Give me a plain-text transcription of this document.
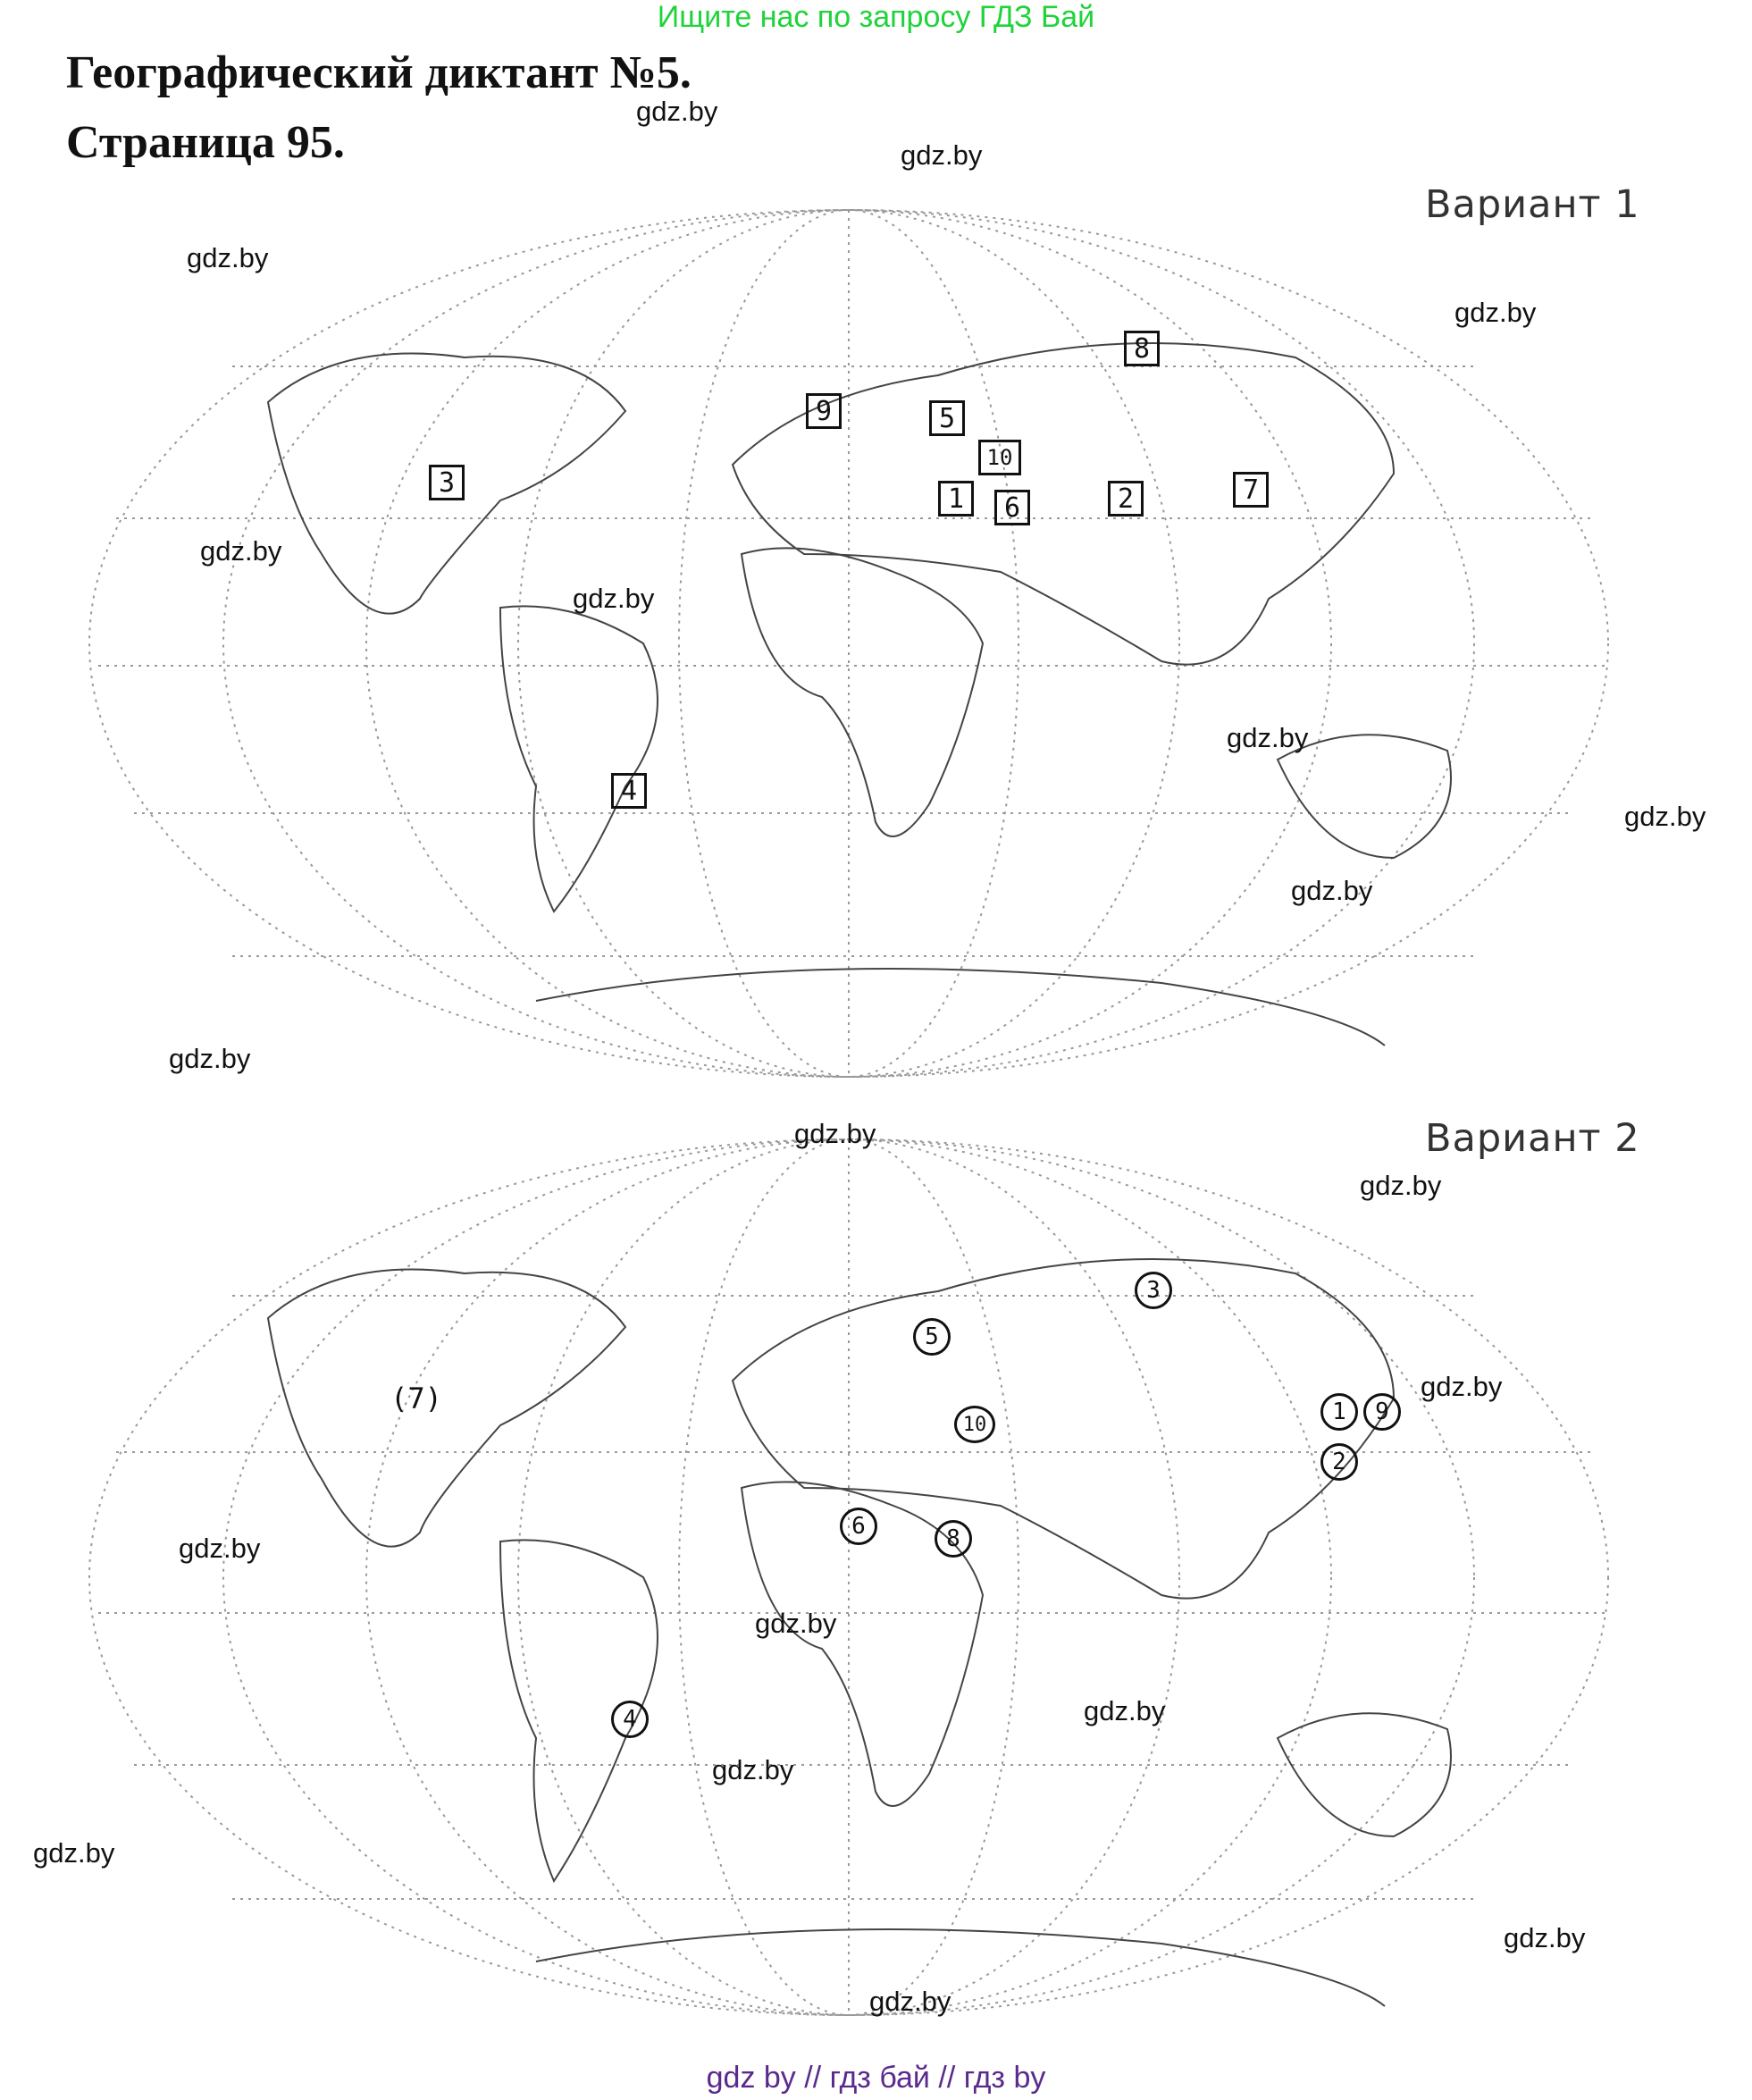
Ищите нас по запросу ГДЗ Бай
Географический диктант №5.
Страница 95.
Вариант 1
1	2
3
4
5
6
7
8
9
10
Вариант 2
1
2
3
4
5
6
(7)
8
9
10
gdz.by
gdz.by
gdz.by
gdz.by
gdz.by
gdz.by
gdz.by
gdz.by
gdz.by
gdz.by
gdz.by
gdz.by
gdz.by
gdz.by
gdz.by
gdz.by
gdz.by
gdz.by
gdz.by
gdz.by
gdz by // гдз бай // гдз by
